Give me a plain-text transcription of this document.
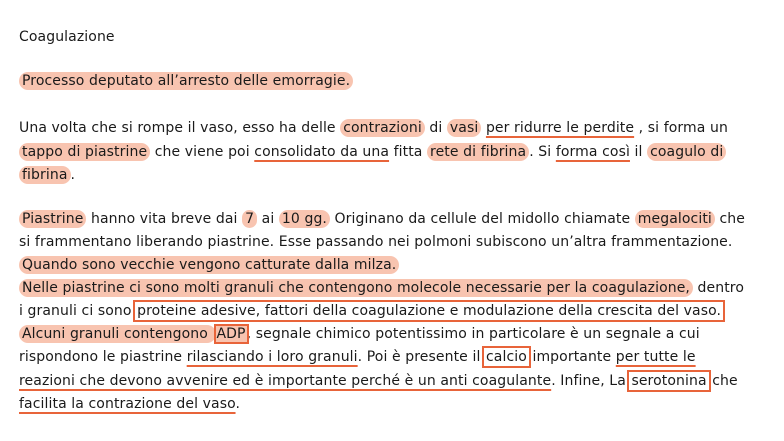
Coagulazione
Processo deputato all’arresto delle emorragie.
Una volta che si rompe il vaso, esso ha delle contrazioni di vasi per ridurre le perdite , si forma un
tappo di piastrine che viene poi consolidato da una fitta rete di fibrina . Si forma così il coagulo di
fibrina .
Piastrine hanno vita breve dai 7 ai 10 gg. Originano da cellule del midollo chiamate megalociti che
si frammentano liberando piastrine. Esse passando nei polmoni subiscono un’altra frammentazione.
Quando sono vecchie vengono catturate dalla milza.
Nelle piastrine ci sono molti granuli che contengono molecole necessarie per la coagulazione, dentro
i granuli ci sono proteine adesive, fattori della coagulazione e modulazione della crescita del vaso.
Alcuni granuli contengono ADP, segnale chimico potentissimo in particolare è un segnale a cui
rispondono le piastrine rilasciando i loro granuli. Poi è presente il calcio importante per tutte le
reazioni che devono avvenire ed è importante perché è un anti coagulante. Infine, La serotonina che
facilita la contrazione del vaso.
